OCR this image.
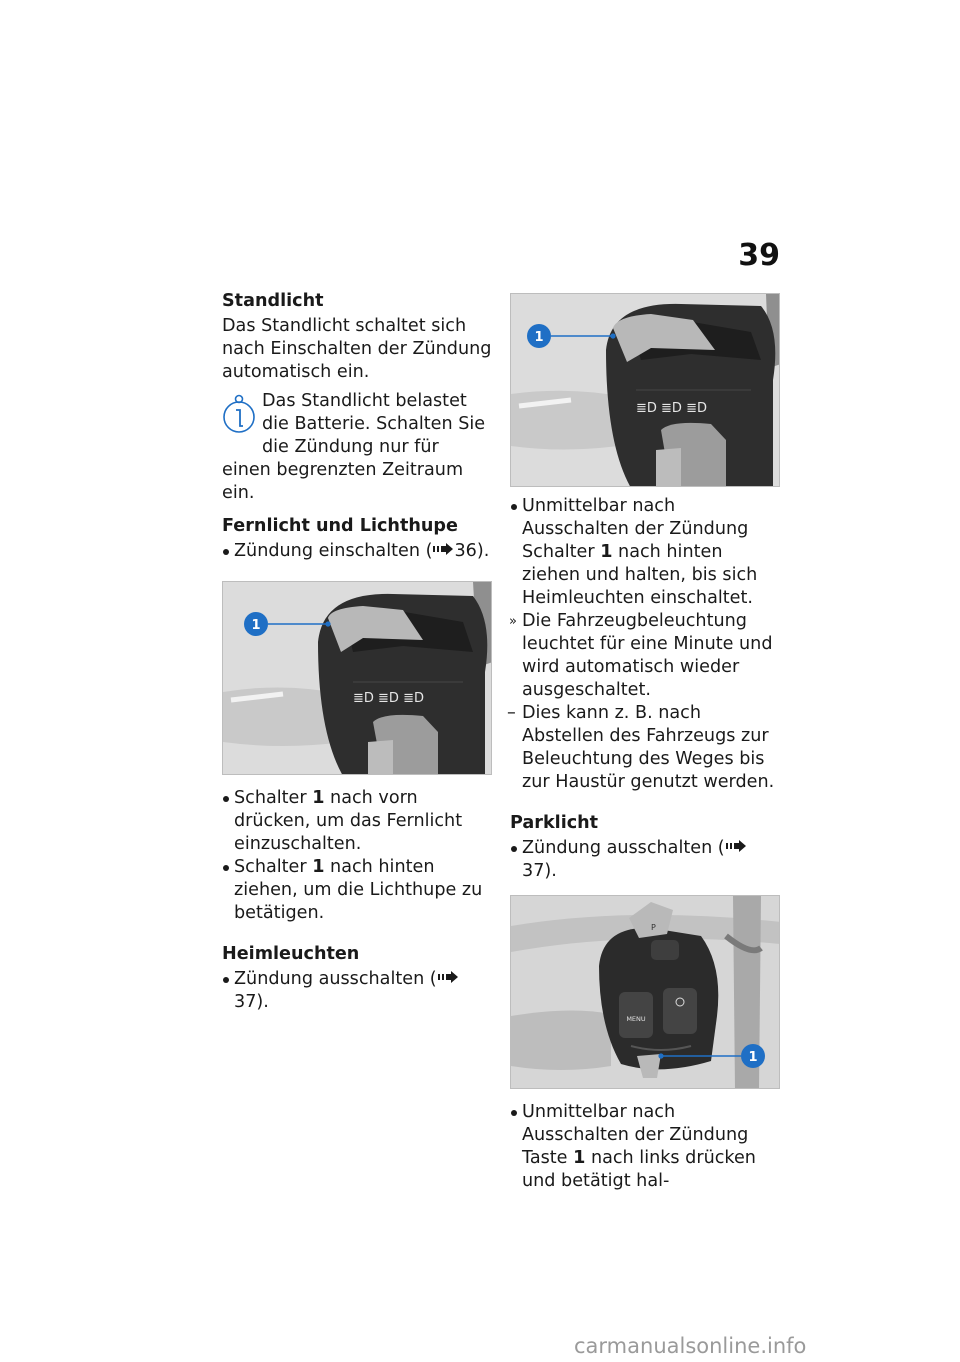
39
Standlicht
Das Standlicht schaltet sich nach Einschalten der Zündung automatisch ein.
Das Standlicht belastet die Batterie. Schalten Sie die Zündung nur für einen begrenzten Zeitraum ein.
Fernlicht und Lichthupe
Zündung einschalten ( 36).
≣D ≣D ≣D
1
Schalter 1 nach vorn drücken, um das Fernlicht einzuschalten.
Schalter 1 nach hinten ziehen, um die Lichthupe zu betätigen.
Heimleuchten
Zündung ausschalten (37).
≣D ≣D ≣D
1
Unmittelbar nach Ausschalten der Zündung Schalter 1 nach hinten ziehen und halten, bis sich Heimleuchten einschaltet.
» Die Fahrzeugbeleuchtung leuchtet für eine Minute und wird automatisch wieder ausgeschaltet.
– Dies kann z. B. nach Abstellen des Fahrzeugs zur Beleuchtung des Weges bis zur Haustür genutzt werden.
Parklicht
Zündung ausschalten (37).
P
MENU
1
Unmittelbar nach Ausschalten der Zündung Taste 1 nach links drücken und betätigt hal-
carmanualsonline.info
